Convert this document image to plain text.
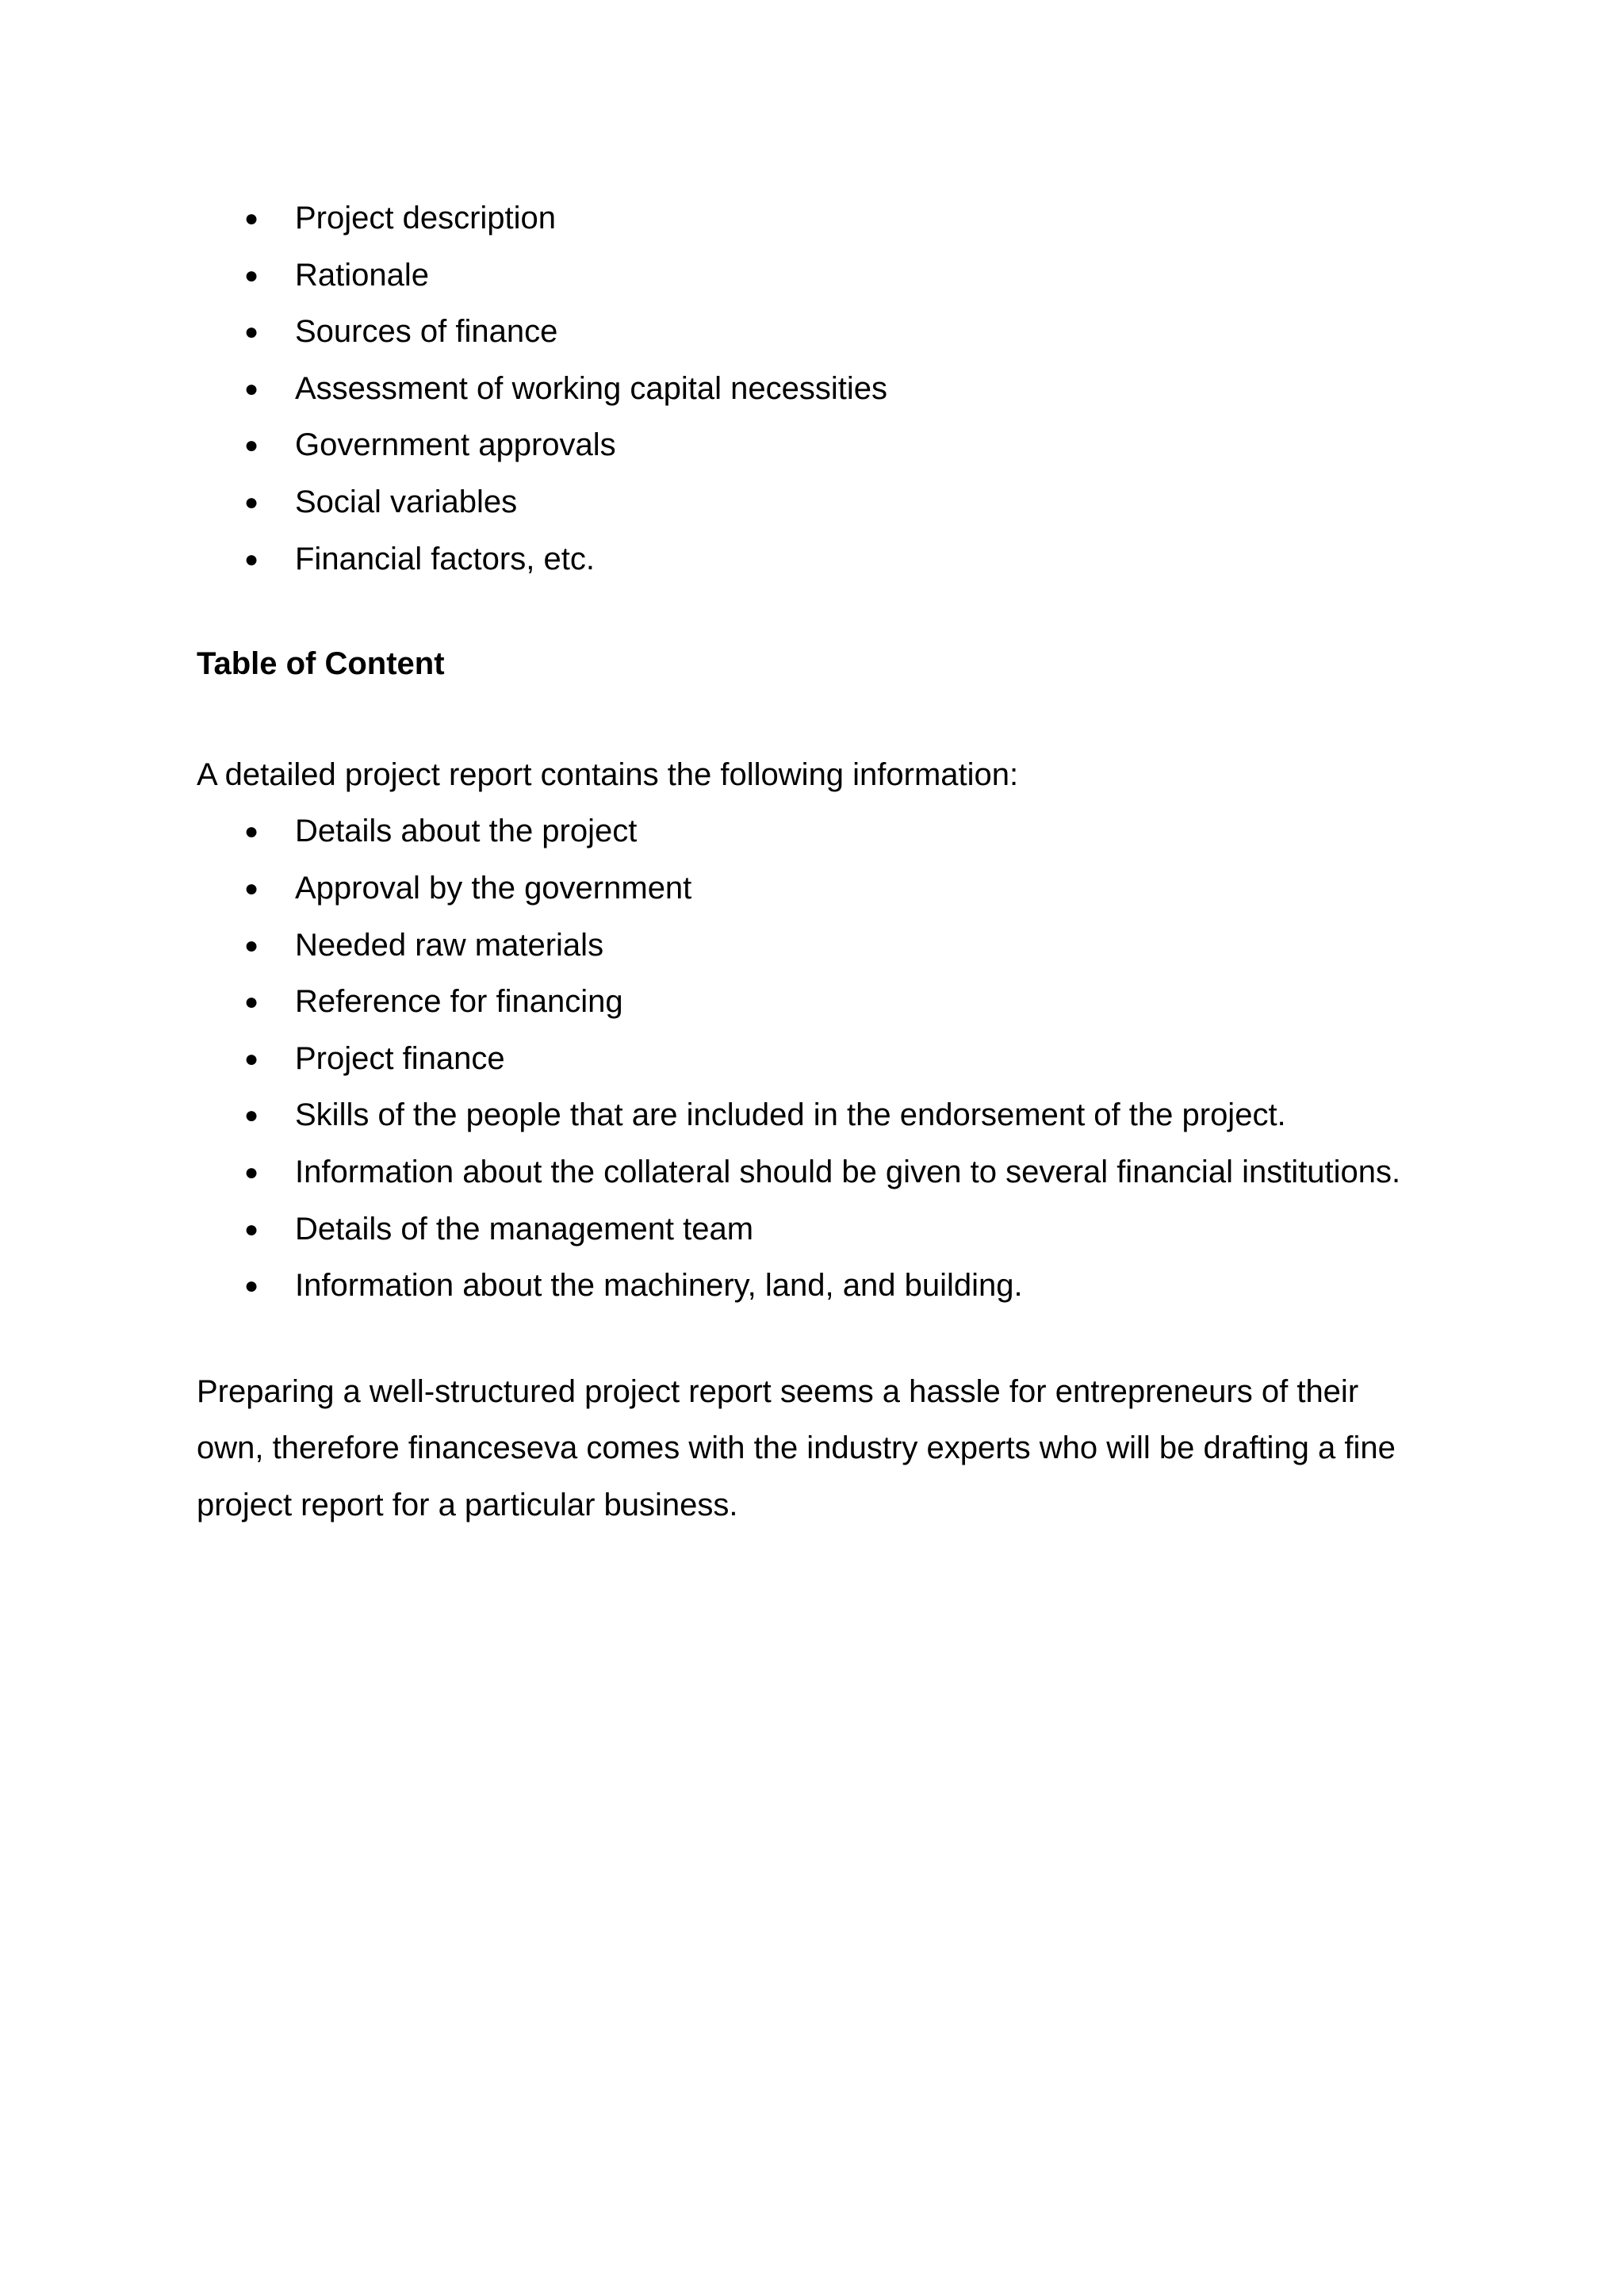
●	Project description
●	Rationale
●	Sources of finance
●	Assessment of working capital necessities
●	Government approvals
●	Social variables
●	Financial factors, etc.
Table of Content

A detailed project report contains the following information:

●	Details about the project
●	Approval by the government
●	Needed raw materials
●	Reference for financing
●	Project finance
●	Skills of the people that are included in the endorsement of the project.
●	Information about the collateral should be given to several financial institutions.
●	Details of the management team
●	Information about the machinery, land, and building.

Preparing a well-structured project report seems a hassle for entrepreneurs of their own, therefore financeseva comes with the industry experts who will be drafting a fine project report for a particular business.
